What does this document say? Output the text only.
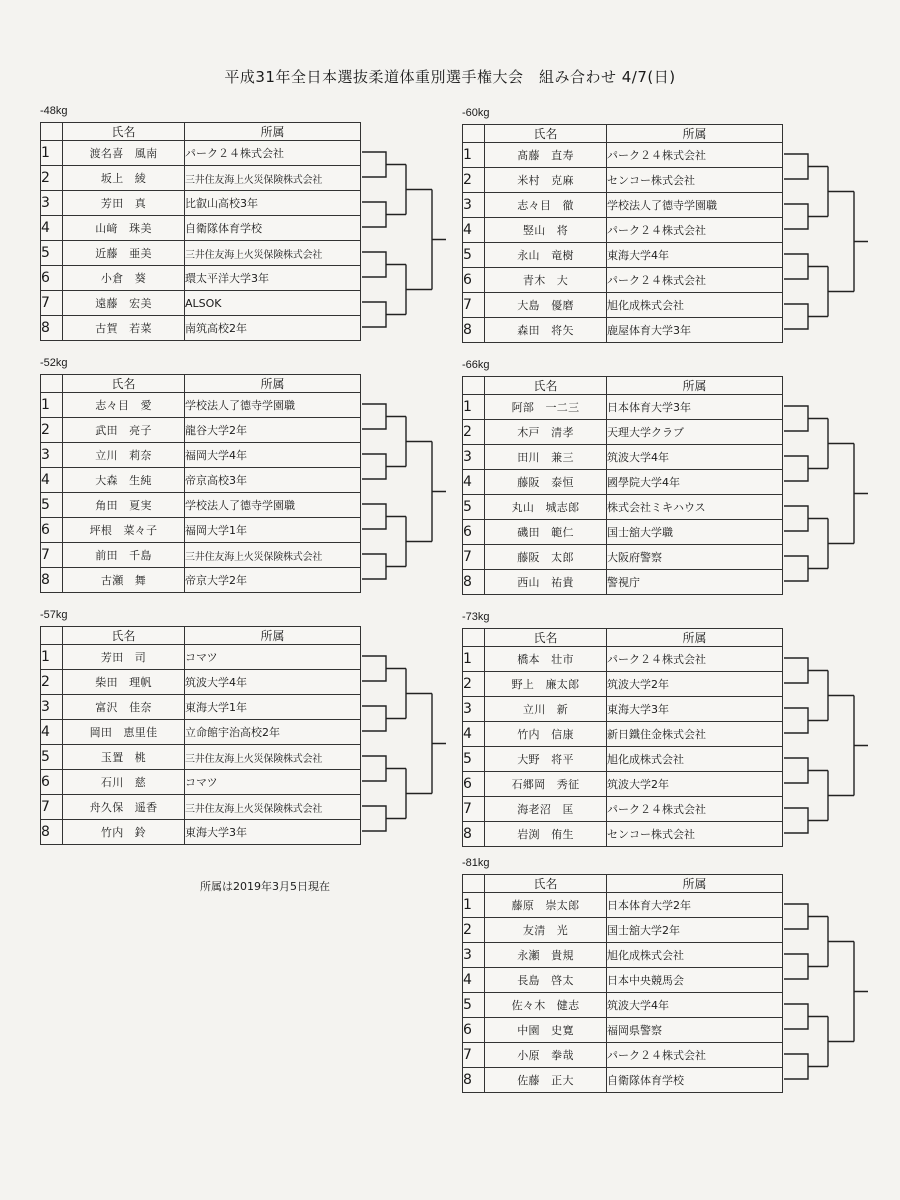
平成31年全日本選抜柔道体重別選手権大会　組み合わせ 4/7(日)
-48kg
	氏名	所属
1	渡名喜　風南	パーク２４株式会社
2	坂上　綾	三井住友海上火災保険株式会社
3	芳田　真	比叡山高校3年
4	山﨑　珠美	自衛隊体育学校
5	近藤　亜美	三井住友海上火災保険株式会社
6	小倉　葵	環太平洋大学3年
7	遠藤　宏美	ALSOK
8	古賀　若菜	南筑高校2年
-52kg
	氏名	所属
1	志々目　愛	学校法人了德寺学園職
2	武田　亮子	龍谷大学2年
3	立川　莉奈	福岡大学4年
4	大森　生純	帝京高校3年
5	角田　夏実	学校法人了德寺学園職
6	坪根　菜々子	福岡大学1年
7	前田　千島	三井住友海上火災保険株式会社
8	古瀬　舞	帝京大学2年
-57kg
	氏名	所属
1	芳田　司	コマツ
2	柴田　理帆	筑波大学4年
3	富沢　佳奈	東海大学1年
4	岡田　恵里佳	立命館宇治高校2年
5	玉置　桃	三井住友海上火災保険株式会社
6	石川　慈	コマツ
7	舟久保　遥香	三井住友海上火災保険株式会社
8	竹内　鈴	東海大学3年
-60kg
	氏名	所属
1	髙藤　直寿	パーク２４株式会社
2	米村　克麻	センコー株式会社
3	志々目　徹	学校法人了德寺学園職
4	竪山　将	パーク２４株式会社
5	永山　竜樹	東海大学4年
6	青木　大	パーク２４株式会社
7	大島　優磨	旭化成株式会社
8	森田　将矢	鹿屋体育大学3年
-66kg
	氏名	所属
1	阿部　一二三	日本体育大学3年
2	木戸　清孝	天理大学クラブ
3	田川　兼三	筑波大学4年
4	藤阪　泰恒	國學院大学4年
5	丸山　城志郎	株式会社ミキハウス
6	磯田　範仁	国士舘大学職
7	藤阪　太郎	大阪府警察
8	西山　祐貴	警視庁
-73kg
	氏名	所属
1	橋本　壮市	パーク２４株式会社
2	野上　廉太郎	筑波大学2年
3	立川　新	東海大学3年
4	竹内　信康	新日鐵住金株式会社
5	大野　将平	旭化成株式会社
6	石郷岡　秀征	筑波大学2年
7	海老沼　匡	パーク２４株式会社
8	岩渕　侑生	センコー株式会社
-81kg
	氏名	所属
1	藤原　崇太郎	日本体育大学2年
2	友清　光	国士舘大学2年
3	永瀬　貴規	旭化成株式会社
4	長島　啓太	日本中央競馬会
5	佐々木　健志	筑波大学4年
6	中園　史寛	福岡県警察
7	小原　拳哉	パーク２４株式会社
8	佐藤　正大	自衛隊体育学校
所属は2019年3月5日現在
